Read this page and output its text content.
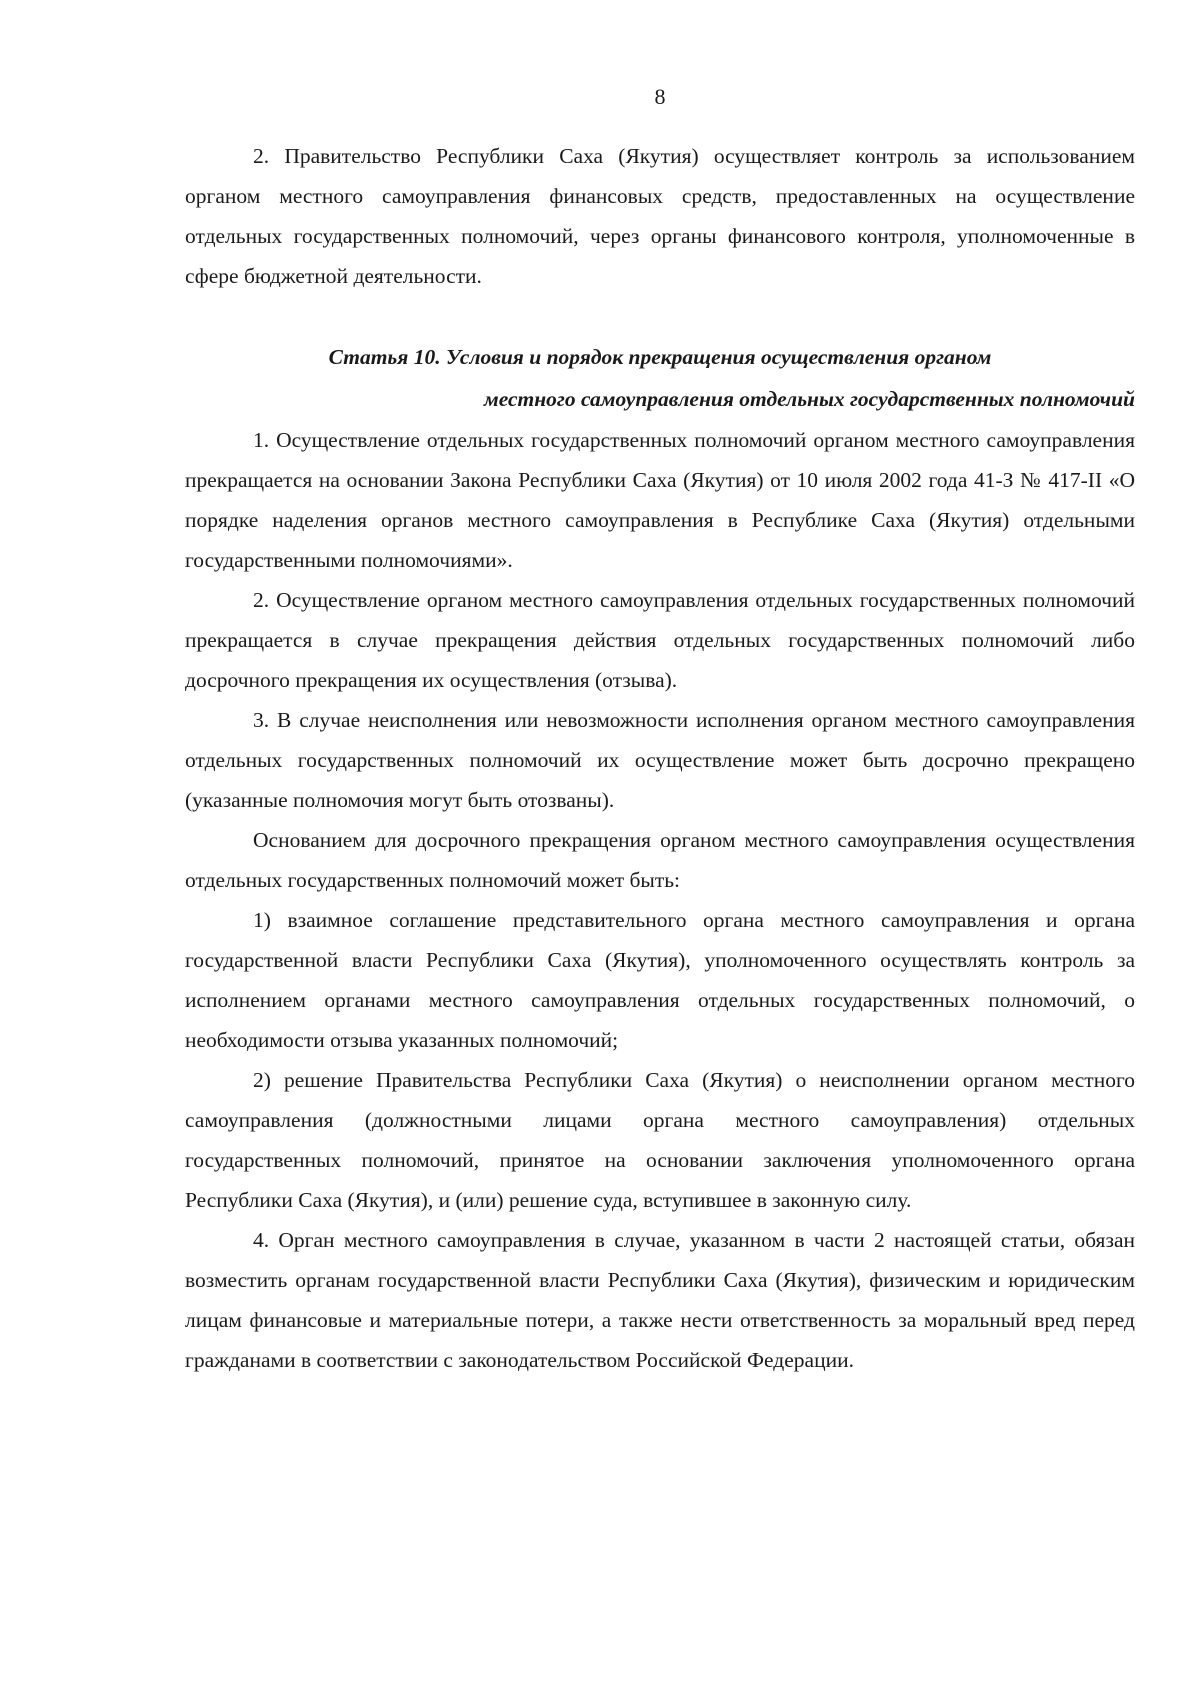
8

2. Правительство Республики Саха (Якутия) осуществляет контроль за использованием органом местного самоуправления финансовых средств, предоставленных на осуществление отдельных государственных полномочий, через органы финансового контроля, уполномоченные в сфере бюджетной деятельности.

Статья 10. Условия и порядок прекращения осуществления органом
местного самоуправления отдельных государственных полномочий

1. Осуществление отдельных государственных полномочий органом местного самоуправления прекращается на основании Закона Республики Саха (Якутия) от 10 июля 2002 года 41-З № 417-II «О порядке наделения органов местного самоуправления в Республике Саха (Якутия) отдельными государственными полномочиями».

2. Осуществление органом местного самоуправления отдельных государственных полномочий прекращается в случае прекращения действия отдельных государственных полномочий либо досрочного прекращения их осуществления (отзыва).

3. В случае неисполнения или невозможности исполнения органом местного самоуправления отдельных государственных полномочий их осуществление может быть досрочно прекращено (указанные полномочия могут быть отозваны).

Основанием для досрочного прекращения органом местного самоуправления осуществления отдельных государственных полномочий может быть:

1) взаимное соглашение представительного органа местного самоуправления и органа государственной власти Республики Саха (Якутия), уполномоченного осуществлять контроль за исполнением органами местного самоуправления отдельных государственных полномочий, о необходимости отзыва указанных полномочий;

2) решение Правительства Республики Саха (Якутия) о неисполнении органом местного самоуправления (должностными лицами органа местного самоуправления) отдельных государственных полномочий, принятое на основании заключения уполномоченного органа Республики Саха (Якутия), и (или) решение суда, вступившее в законную силу.

4. Орган местного самоуправления в случае, указанном в части 2 настоящей статьи, обязан возместить органам государственной власти Республики Саха (Якутия), физическим и юридическим лицам финансовые и материальные потери, а также нести ответственность за моральный вред перед гражданами в соответствии с законодательством Российской Федерации.
